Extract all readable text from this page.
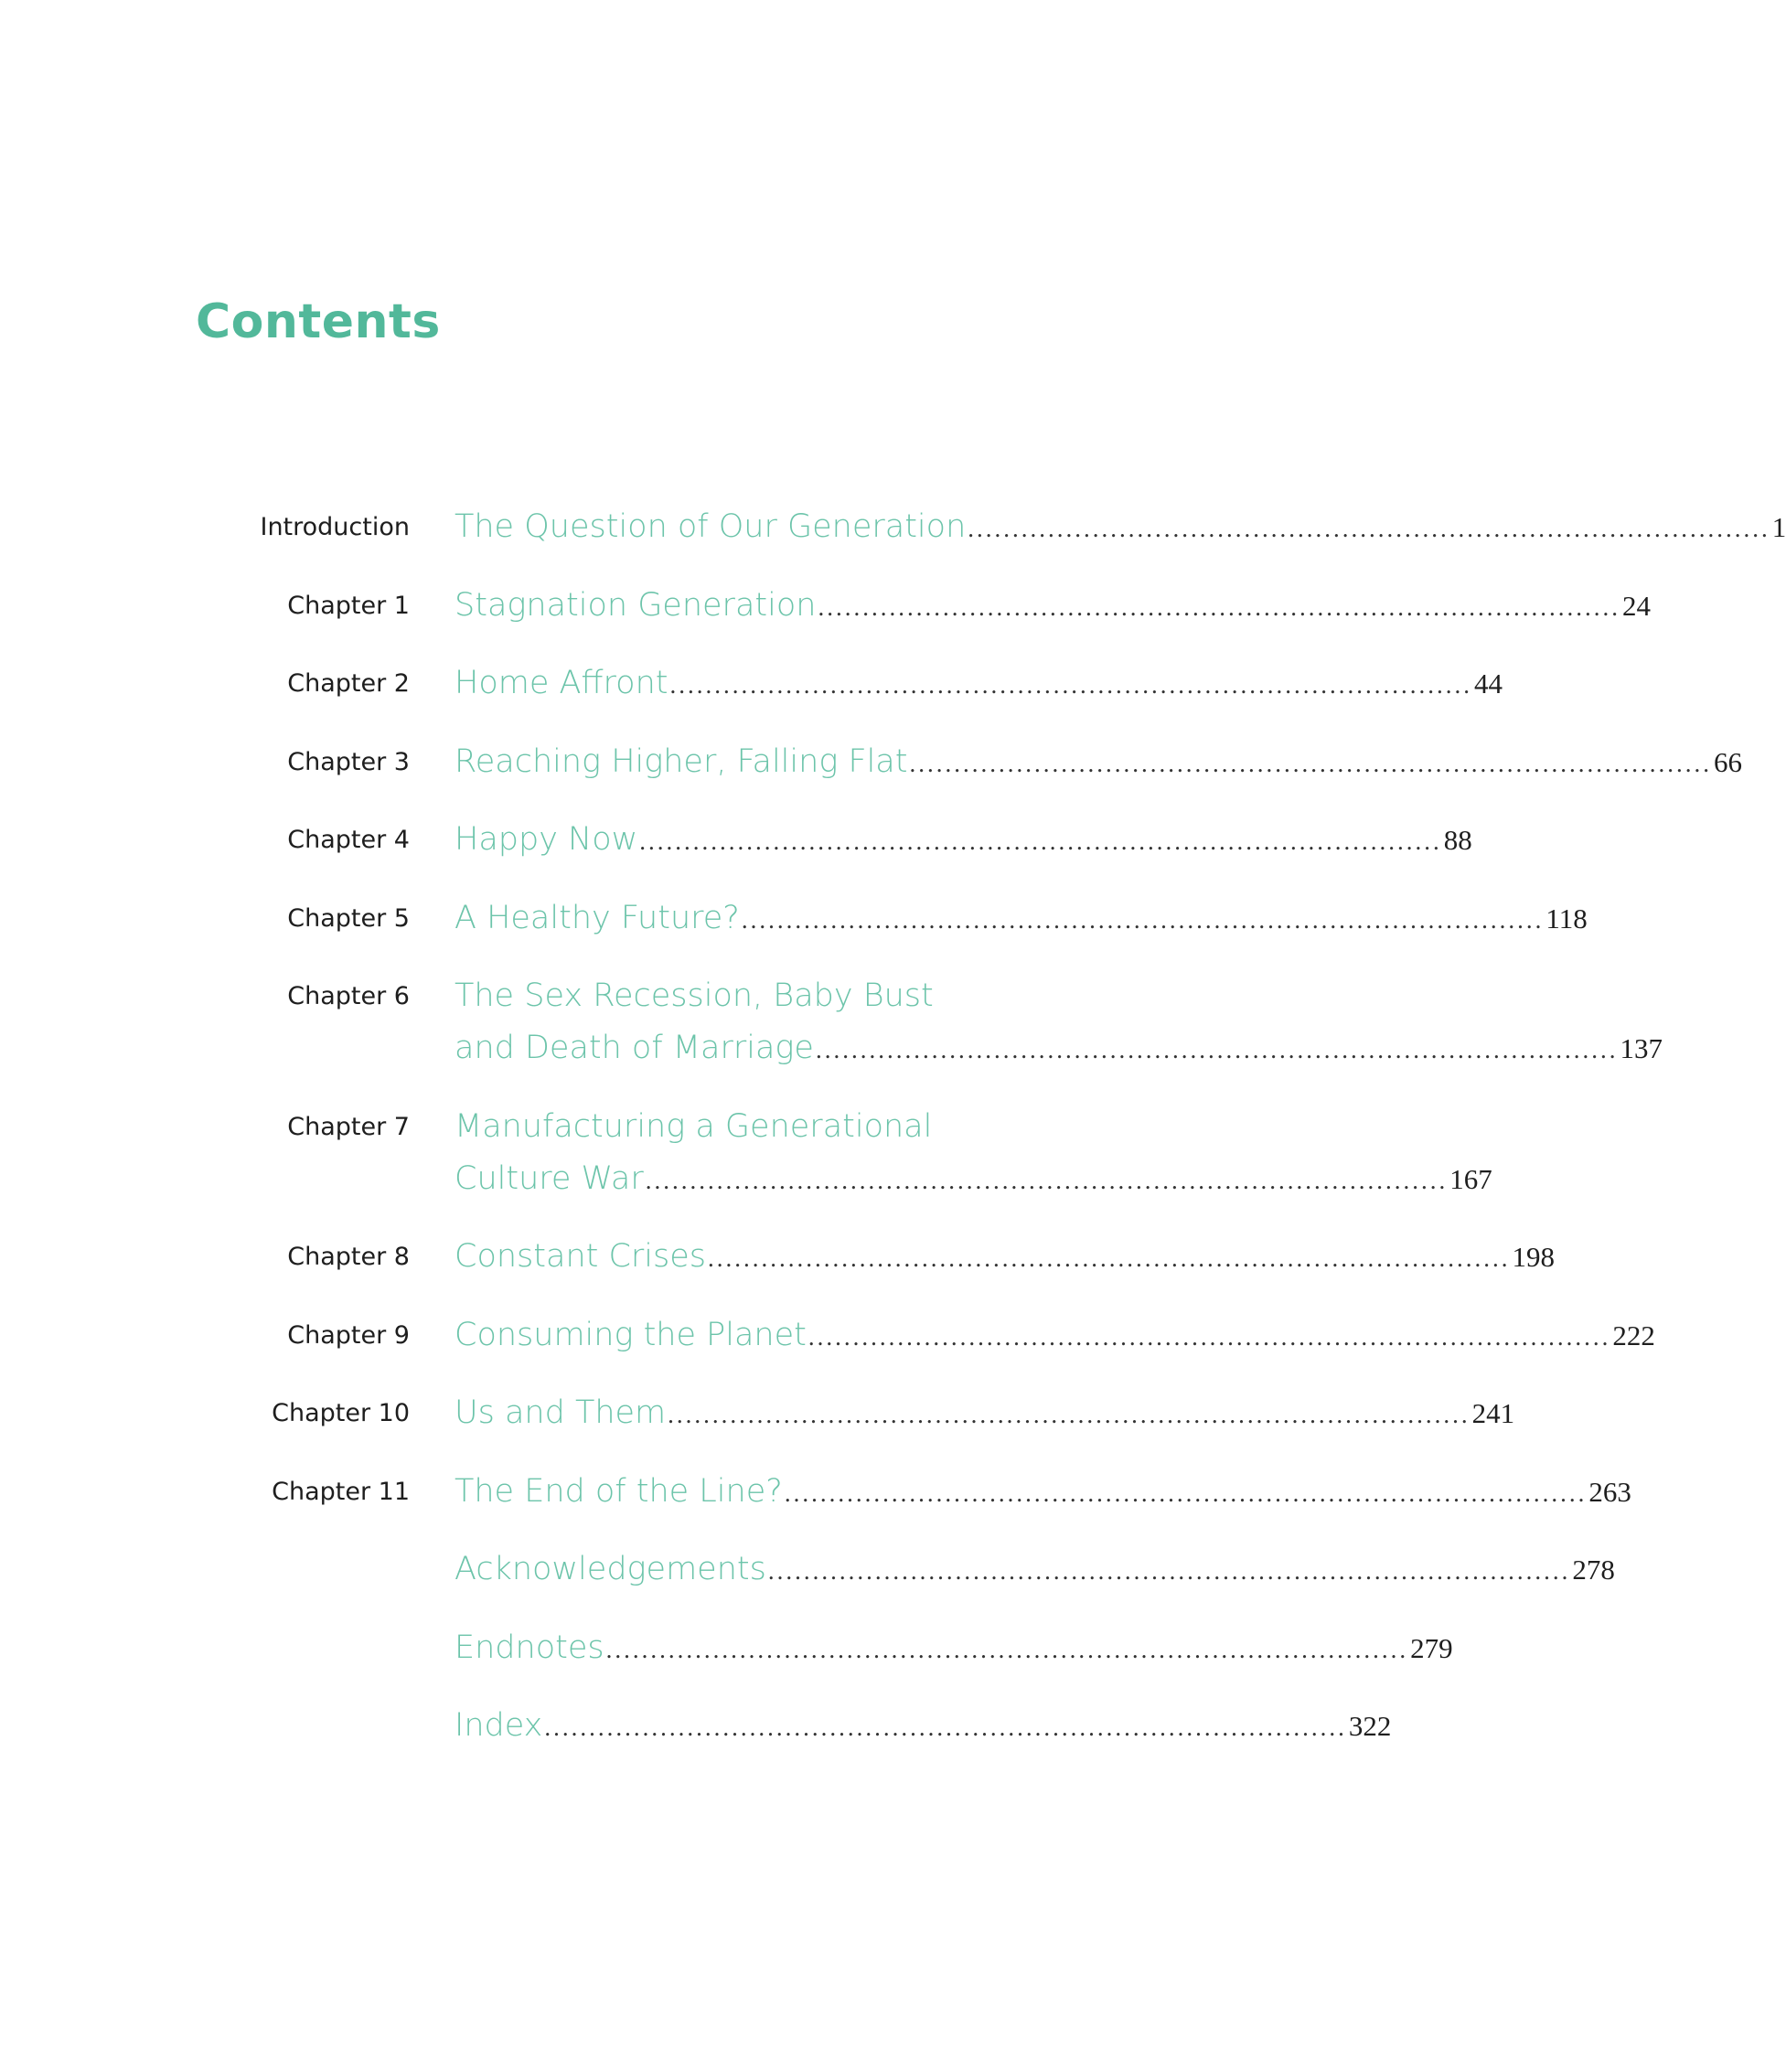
Contents
Introduction The Question of Our Generation .......................................................................................... 1
Chapter 1 Stagnation Generation .......................................................................................... 24
Chapter 2 Home Affront .......................................................................................... 44
Chapter 3 Reaching Higher, Falling Flat .......................................................................................... 66
Chapter 4 Happy Now .......................................................................................... 88
Chapter 5 A Healthy Future? .......................................................................................... 118
Chapter 6 The Sex Recession, Baby Bust
and Death of Marriage .......................................................................................... 137
Chapter 7 Manufacturing a Generational
Culture War .......................................................................................... 167
Chapter 8 Constant Crises .......................................................................................... 198
Chapter 9 Consuming the Planet .......................................................................................... 222
Chapter 10 Us and Them .......................................................................................... 241
Chapter 11 The End of the Line? .......................................................................................... 263
Acknowledgements .......................................................................................... 278
Endnotes .......................................................................................... 279
Index .......................................................................................... 322
